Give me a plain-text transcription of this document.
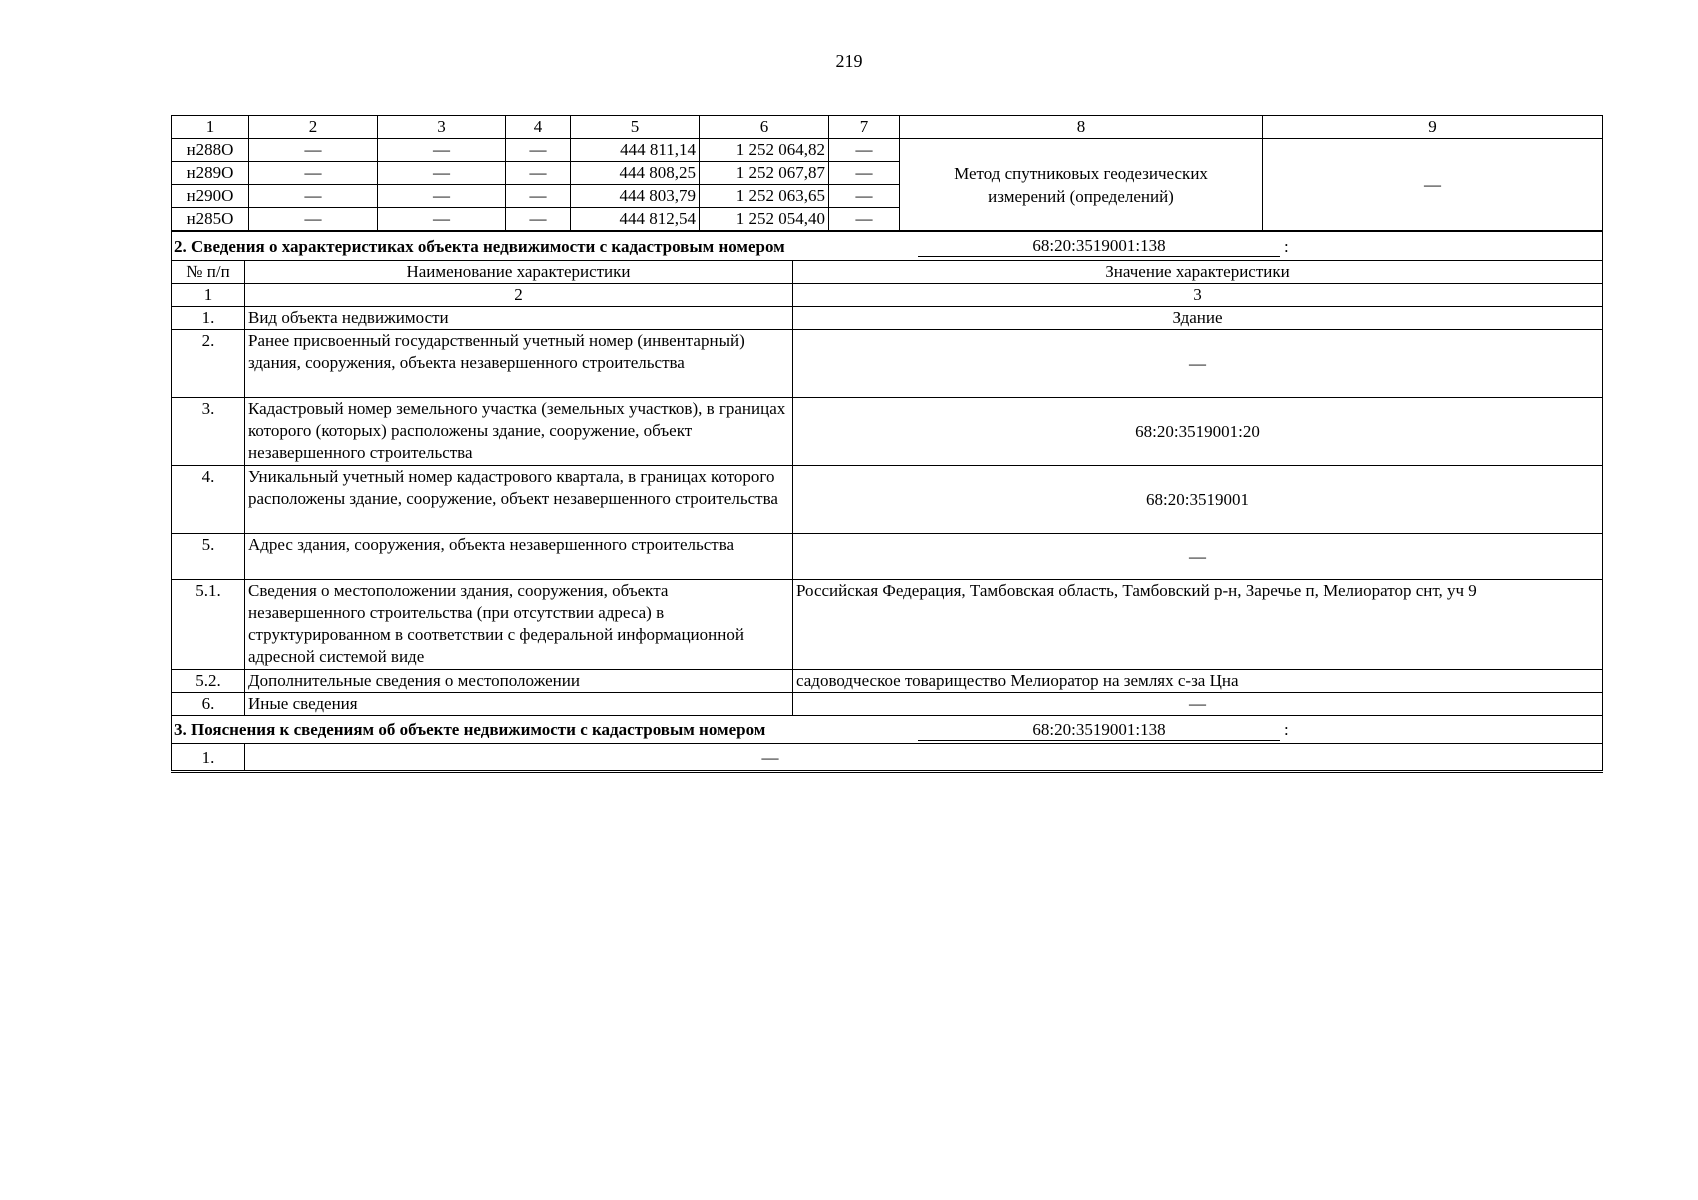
219
1	2	3	4	5	6	7	8	9
н288О	—	—	—	444 811,14	1 252 064,82	—	Метод спутниковых геодезических измерений (определений)	—
н289О	—	—	—	444 808,25	1 252 067,87	—		
н290О	—	—	—	444 803,79	1 252 063,65	—		
н285О	—	—	—	444 812,54	1 252 054,40	—		
2. Сведения о характеристиках объекта недвижимости с кадастровым номером 68:20:3519001:138 :		

№ п/п	Наименование характеристики	Значение характеристики
1	2	3
1.	Вид объекта недвижимости	Здание
2.	Ранее присвоенный государственный учетный номер (инвентарный) здания, сооружения, объекта незавершенного строительства	—
3.	Кадастровый номер земельного участка (земельных участков), в границах которого (которых) расположены здание, сооружение, объект незавершенного строительства	68:20:3519001:20
4.	Уникальный учетный номер кадастрового квартала, в границах которого расположены здание, сооружение, объект незавершенного строительства	68:20:3519001
5.	Адрес здания, сооружения, объекта незавершенного строительства	—
5.1.	Сведения о местоположении здания, сооружения, объекта незавершенного строительства (при отсутствии адреса) в структурированном в соответствии с федеральной информационной адресной системой виде	Российская Федерация, Тамбовская область, Тамбовский р-н, Заречье п, Мелиоратор снт, уч 9
5.2.	Дополнительные сведения о местоположении	садоводческое товарищество Мелиоратор на землях с-за Цна
6.	Иные сведения	—

3. Пояснения к сведениям об объекте недвижимости с кадастровым номером 68:20:3519001:138 :		

1.	—	
